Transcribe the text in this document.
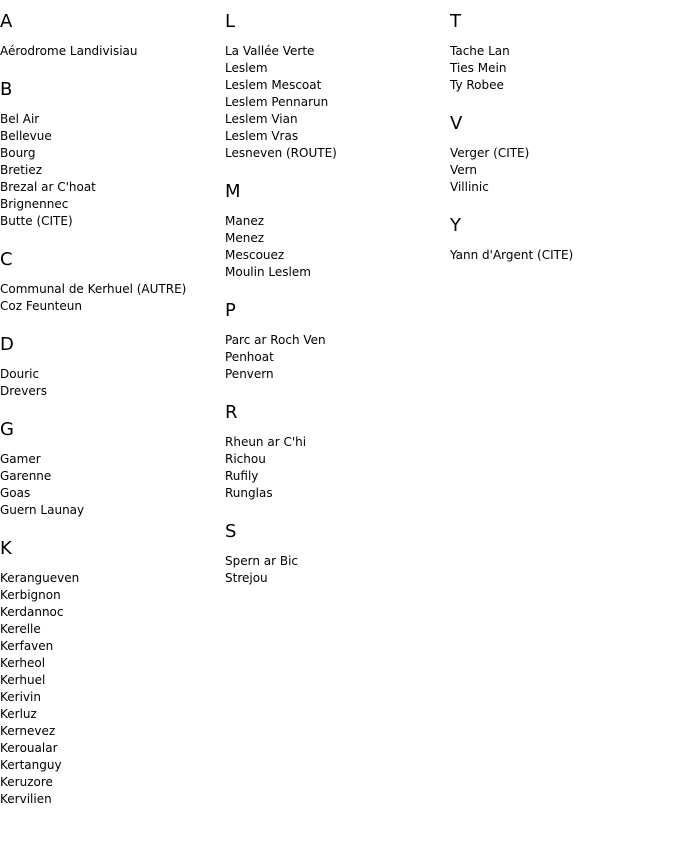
A
Aérodrome Landivisiau
B
Bel Air
Bellevue
Bourg
Bretiez
Brezal ar C'hoat
Brignennec
Butte (CITE)
C
Communal de Kerhuel (AUTRE)
Coz Feunteun
D
Douric
Drevers
G
Gamer
Garenne
Goas
Guern Launay
K
Kerangueven
Kerbignon
Kerdannoc
Kerelle
Kerfaven
Kerheol
Kerhuel
Kerivin
Kerluz
Kernevez
Kerоualar
Kertanguy
Keruzore
Kervilien
L
La Vallée Verte
Leslem
Leslem Mescoat
Leslem Pennarun
Leslem Vian
Leslem Vras
Lesneven (ROUTE)
M
Manez
Menez
Mescouez
Moulin Leslem
P
Parc ar Roch Ven
Penhoat
Penvern
R
Rheun ar C'hi
Richou
Rufily
Runglas
S
Spern ar Bic
Strejou
T
Tache Lan
Ties Mein
Ty Robee
V
Verger (CITE)
Vern
Villinic
Y
Yann d'Argent (CITE)
